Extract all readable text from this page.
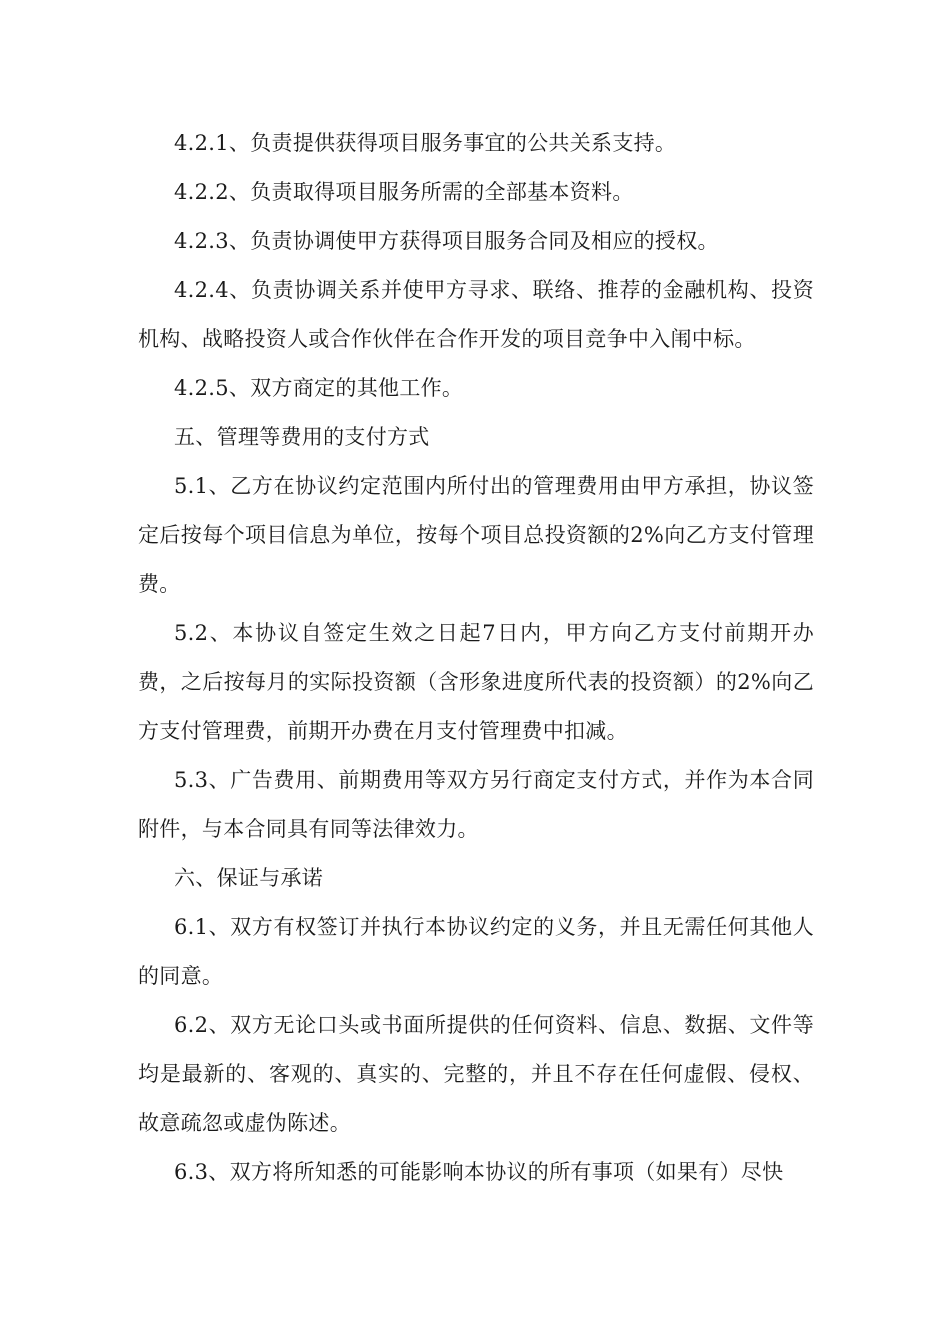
4.2.1、负责提供获得项目服务事宜的公共关系支持。

4.2.2、负责取得项目服务所需的全部基本资料。

4.2.3、负责协调使甲方获得项目服务合同及相应的授权。

4.2.4、负责协调关系并使甲方寻求、联络、推荐的金融机构、投资机构、战略投资人或合作伙伴在合作开发的项目竞争中入闱中标。

4.2.5、双方商定的其他工作。

五、管理等费用的支付方式

5.1、乙方在协议约定范围内所付出的管理费用由甲方承担，协议签定后按每个项目信息为单位，按每个项目总投资额的2%向乙方支付管理费。

5.2、本协议自签定生效之日起7日内，甲方向乙方支付前期开办费，之后按每月的实际投资额（含形象进度所代表的投资额）的2%向乙方支付管理费，前期开办费在月支付管理费中扣减。

5.3、广告费用、前期费用等双方另行商定支付方式，并作为本合同附件，与本合同具有同等法律效力。

六、保证与承诺

6.1、双方有权签订并执行本协议约定的义务，并且无需任何其他人的同意。

6.2、双方无论口头或书面所提供的任何资料、信息、数据、文件等均是最新的、客观的、真实的、完整的，并且不存在任何虚假、侵权、故意疏忽或虚伪陈述。

6.3、双方将所知悉的可能影响本协议的所有事项（如果有）尽快
